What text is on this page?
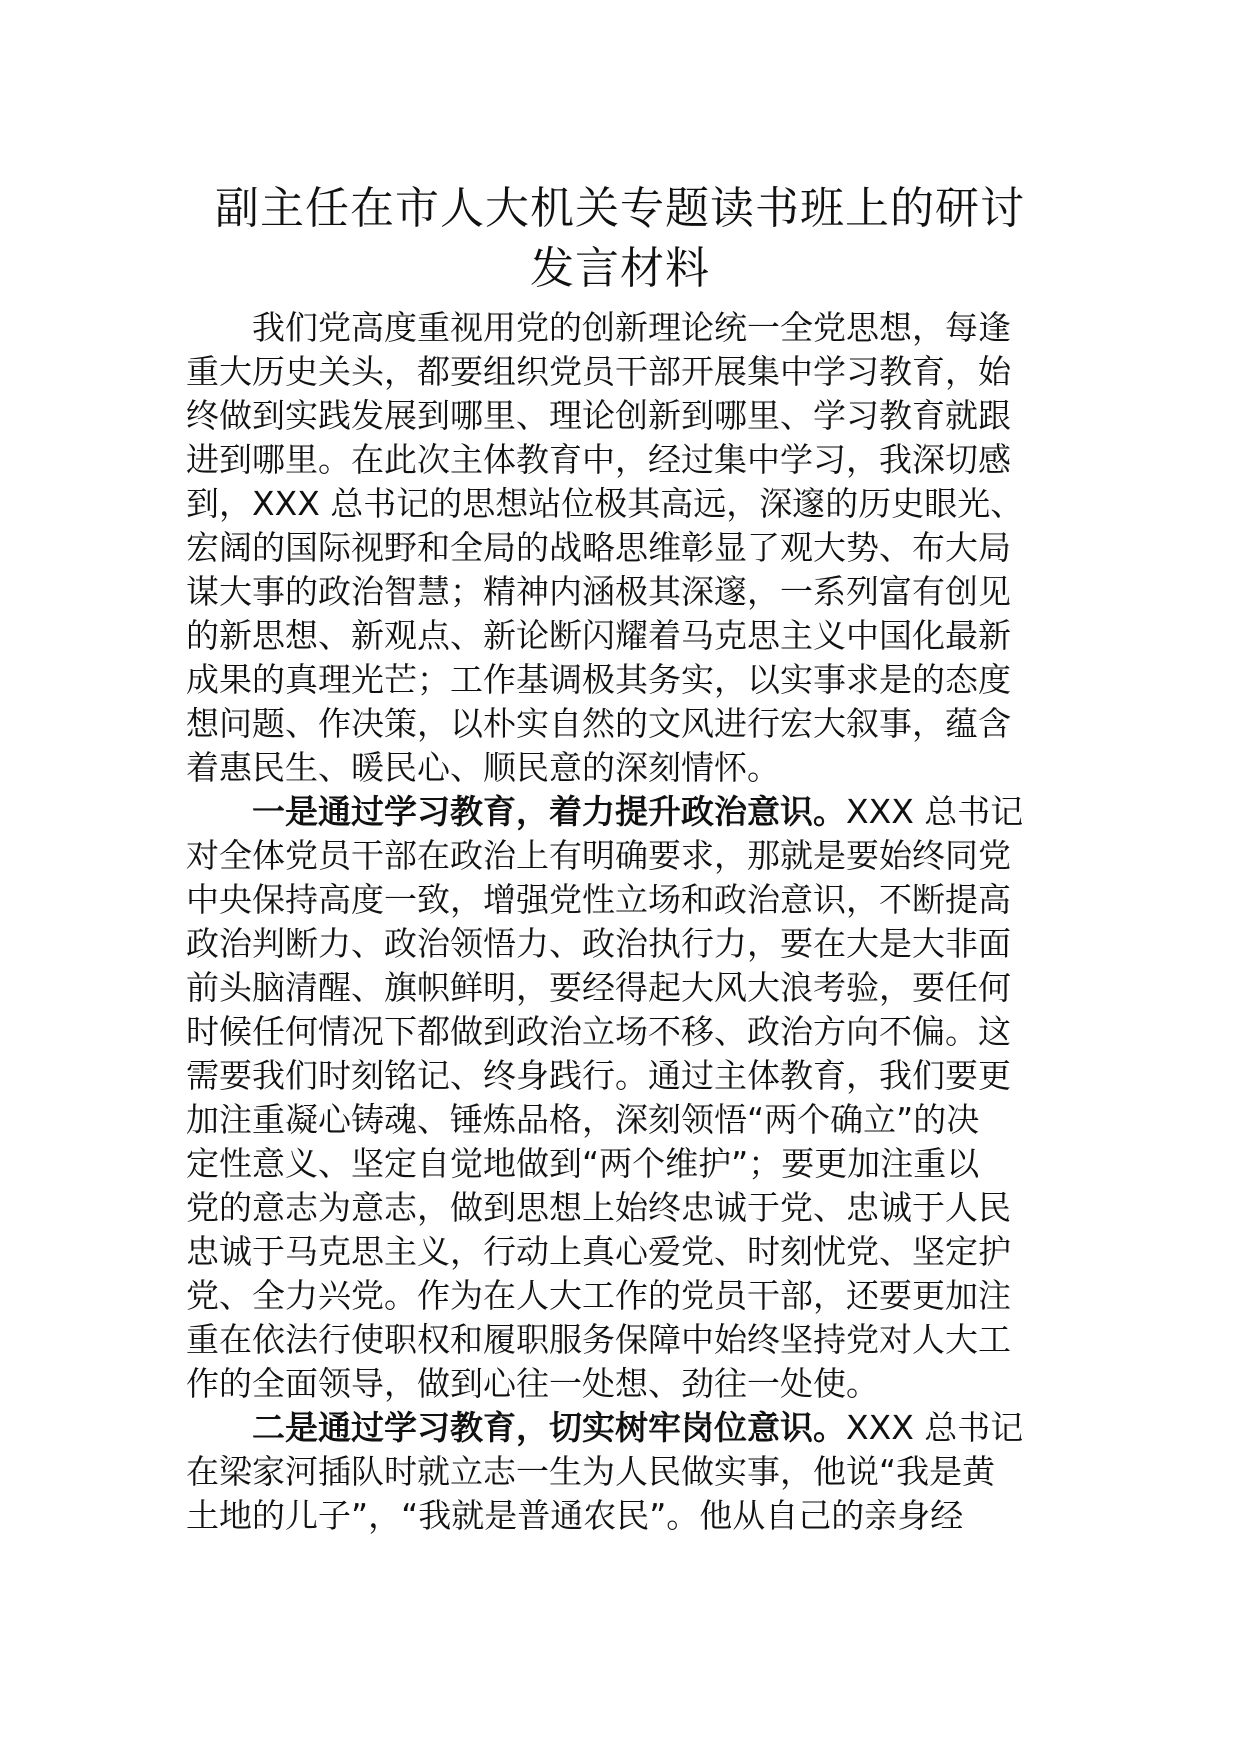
副主任在市人大机关专题读书班上的研讨
发言材料
我们党高度重视用党的创新理论统一全党思想，每逢
重大历史关头，都要组织党员干部开展集中学习教育，始
终做到实践发展到哪里、理论创新到哪里、学习教育就跟
进到哪里。在此次主体教育中，经过集中学习，我深切感
到，XXX 总书记的思想站位极其高远，深邃的历史眼光、
宏阔的国际视野和全局的战略思维彰显了观大势、布大局
谋大事的政治智慧；精神内涵极其深邃，一系列富有创见
的新思想、新观点、新论断闪耀着马克思主义中国化最新
成果的真理光芒；工作基调极其务实，以实事求是的态度
想问题、作决策，以朴实自然的文风进行宏大叙事，蕴含
着惠民生、暖民心、顺民意的深刻情怀。
一是通过学习教育，着力提升政治意识。XXX 总书记
对全体党员干部在政治上有明确要求，那就是要始终同党
中央保持高度一致，增强党性立场和政治意识，不断提高
政治判断力、政治领悟力、政治执行力，要在大是大非面
前头脑清醒、旗帜鲜明，要经得起大风大浪考验，要任何
时候任何情况下都做到政治立场不移、政治方向不偏。这
需要我们时刻铭记、终身践行。通过主体教育，我们要更
加注重凝心铸魂、锤炼品格，深刻领悟“两个确立”的决
定性意义、坚定自觉地做到“两个维护”；要更加注重以
党的意志为意志，做到思想上始终忠诚于党、忠诚于人民
忠诚于马克思主义，行动上真心爱党、时刻忧党、坚定护
党、全力兴党。作为在人大工作的党员干部，还要更加注
重在依法行使职权和履职服务保障中始终坚持党对人大工
作的全面领导，做到心往一处想、劲往一处使。
二是通过学习教育，切实树牢岗位意识。XXX 总书记
在梁家河插队时就立志一生为人民做实事，他说“我是黄
土地的儿子”，“我就是普通农民”。他从自己的亲身经
